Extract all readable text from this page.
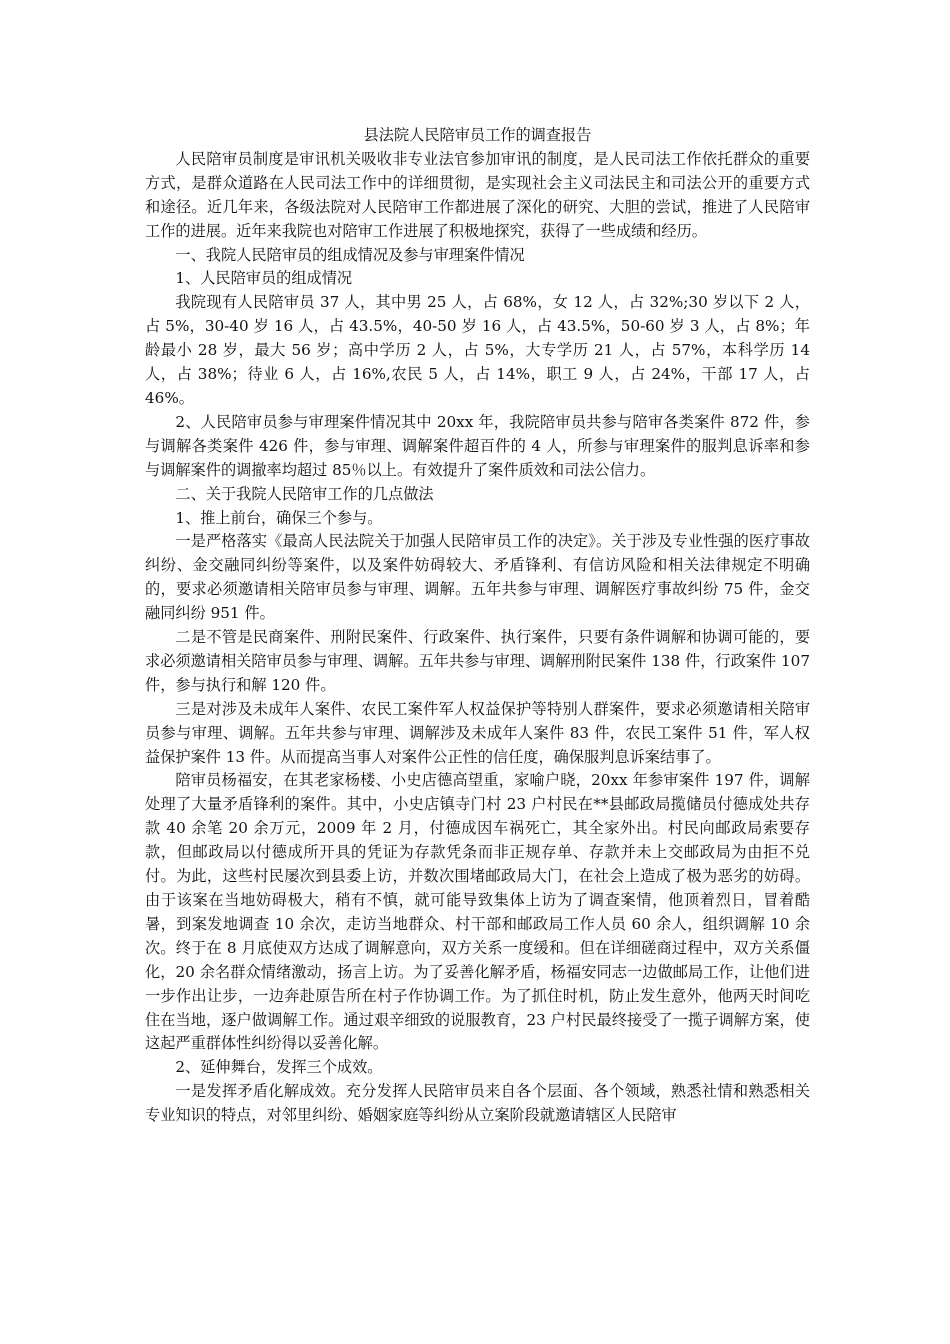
县法院人民陪审员工作的调查报告

人民陪审员制度是审讯机关吸收非专业法官参加审讯的制度，是人民司法工作依托群众的重要方式，是群众道路在人民司法工作中的详细贯彻，是实现社会主义司法民主和司法公开的重要方式和途径。近几年来，各级法院对人民陪审工作都进展了深化的研究、大胆的尝试，推进了人民陪审工作的进展。近年来我院也对陪审工作进展了积极地探究，获得了一些成绩和经历。

一、我院人民陪审员的组成情况及参与审理案件情况

1、人民陪审员的组成情况

我院现有人民陪审员 37 人，其中男 25 人，占 68%，女 12 人，占 32%;30 岁以下 2 人，占 5%，30-40 岁 16 人，占 43.5%，40-50 岁 16 人，占 43.5%，50-60 岁 3 人，占 8%；年龄最小 28 岁，最大 56 岁；高中学历 2 人，占 5%，大专学历 21 人，占 57%，本科学历 14 人，占 38%；待业 6 人，占 16%,农民 5 人，占 14%，职工 9 人，占 24%，干部 17 人，占 46%。

2、人民陪审员参与审理案件情况其中 20xx 年，我院陪审员共参与陪审各类案件 872 件，参与调解各类案件 426 件，参与审理、调解案件超百件的 4 人，所参与审理案件的服判息诉率和参与调解案件的调撤率均超过 85％以上。有效提升了案件质效和司法公信力。

二、关于我院人民陪审工作的几点做法

1、推上前台，确保三个参与。

一是严格落实《最高人民法院关于加强人民陪审员工作的决定》。关于涉及专业性强的医疗事故纠纷、金交融同纠纷等案件，以及案件妨碍较大、矛盾锋利、有信访风险和相关法律规定不明确的，要求必须邀请相关陪审员参与审理、调解。五年共参与审理、调解医疗事故纠纷 75 件，金交融同纠纷 951 件。

二是不管是民商案件、刑附民案件、行政案件、执行案件，只要有条件调解和协调可能的，要求必须邀请相关陪审员参与审理、调解。五年共参与审理、调解刑附民案件 138 件，行政案件 107 件，参与执行和解 120 件。

三是对涉及未成年人案件、农民工案件军人权益保护等特别人群案件，要求必须邀请相关陪审员参与审理、调解。五年共参与审理、调解涉及未成年人案件 83 件，农民工案件 51 件，军人权益保护案件 13 件。从而提高当事人对案件公正性的信任度，确保服判息诉案结事了。

陪审员杨福安，在其老家杨楼、小史店德高望重，家喻户晓，20xx 年参审案件 197 件，调解处理了大量矛盾锋利的案件。其中，小史店镇寺门村 23 户村民在**县邮政局揽储员付德成处共存款 40 余笔 20 余万元，2009 年 2 月，付德成因车祸死亡，其全家外出。村民向邮政局索要存款，但邮政局以付德成所开具的凭证为存款凭条而非正规存单、存款并未上交邮政局为由拒不兑付。为此，这些村民屡次到县委上访，并数次围堵邮政局大门，在社会上造成了极为恶劣的妨碍。由于该案在当地妨碍极大，稍有不慎，就可能导致集体上访为了调查案情，他顶着烈日，冒着酷暑，到案发地调查 10 余次，走访当地群众、村干部和邮政局工作人员 60 余人，组织调解 10 余次。终于在 8 月底使双方达成了调解意向，双方关系一度缓和。但在详细磋商过程中，双方关系僵化，20 余名群众情绪激动，扬言上访。为了妥善化解矛盾，杨福安同志一边做邮局工作，让他们进一步作出让步，一边奔赴原告所在村子作协调工作。为了抓住时机，防止发生意外，他两天时间吃住在当地，逐户做调解工作。通过艰辛细致的说服教育，23 户村民最终接受了一揽子调解方案，使这起严重群体性纠纷得以妥善化解。

2、延伸舞台，发挥三个成效。

一是发挥矛盾化解成效。充分发挥人民陪审员来自各个层面、各个领域，熟悉社情和熟悉相关专业知识的特点，对邻里纠纷、婚姻家庭等纠纷从立案阶段就邀请辖区人民陪审
